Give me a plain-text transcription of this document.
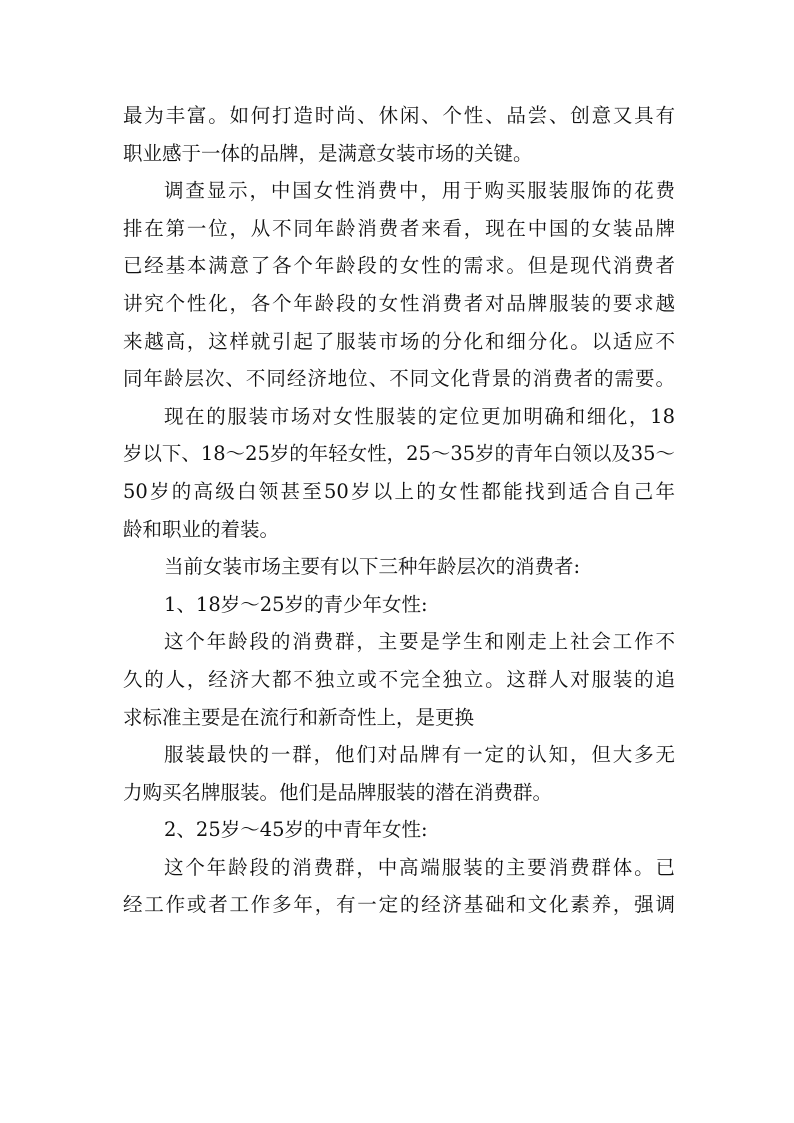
最为丰富。如何打造时尚、休闲、个性、品尝、创意又具有
职业感于一体的品牌，是满意女装市场的关键。
调查显示，中国女性消费中，用于购买服装服饰的花费
排在第一位，从不同年龄消费者来看，现在中国的女装品牌
已经基本满意了各个年龄段的女性的需求。但是现代消费者
讲究个性化，各个年龄段的女性消费者对品牌服装的要求越
来越高，这样就引起了服装市场的分化和细分化。以适应不
同年龄层次、不同经济地位、不同文化背景的消费者的需要。
现在的服装市场对女性服装的定位更加明确和细化，18
岁以下、18～25岁的年轻女性，25～35岁的青年白领以及35～
50岁的高级白领甚至50岁以上的女性都能找到适合自己年
龄和职业的着装。
当前女装市场主要有以下三种年龄层次的消费者:
1、18岁～25岁的青少年女性:
这个年龄段的消费群，主要是学生和刚走上社会工作不
久的人，经济大都不独立或不完全独立。这群人对服装的追
求标准主要是在流行和新奇性上，是更换
服装最快的一群，他们对品牌有一定的认知，但大多无
力购买名牌服装。他们是品牌服装的潜在消费群。
2、25岁～45岁的中青年女性:
这个年龄段的消费群，中高端服装的主要消费群体。已
经工作或者工作多年，有一定的经济基础和文化素养，强调
